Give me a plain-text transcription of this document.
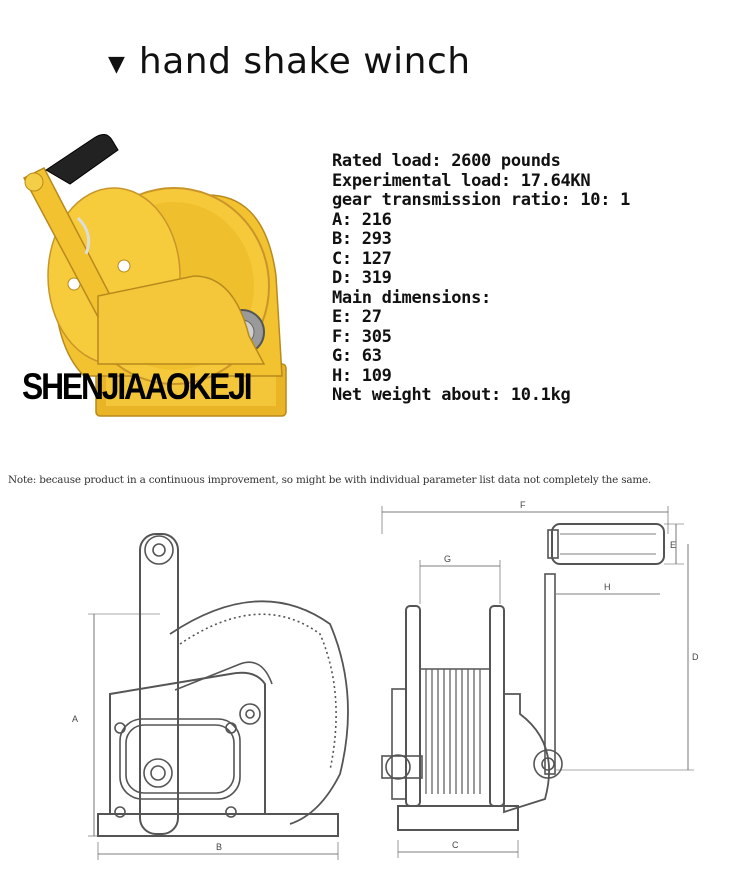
▼ hand shake winch
SHENJIAAOKEJI
Rated load: 2600 pounds
Experimental load: 17.64KN
gear transmission ratio: 10: 1
A: 216
B: 293
C: 127
D: 319
Main dimensions:
E: 27
F: 305
G: 63
H: 109
Net weight about: 10.1kg
Note: because product in a continuous improvement, so might be with individual parameter list data not completely the same.
A
B
F
G
E
H
D
C
